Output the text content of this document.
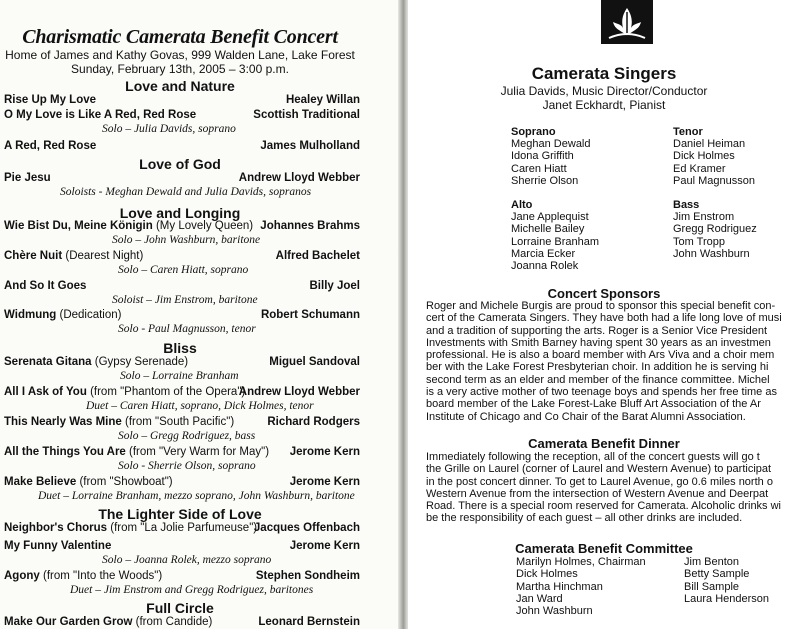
Charismatic Camerata Benefit Concert
Home of James and Kathy Govas, 999 Walden Lane, Lake Forest
Sunday, February 13th, 2005 – 3:00 p.m.
Love and Nature
Rise Up My Love	Healey Willan
O My Love is Like A Red, Red Rose	Scottish Traditional
Solo – Julia Davids, soprano
A Red, Red Rose	James Mulholland
Love of God
Pie Jesu	Andrew Lloyd Webber
Soloists - Meghan Dewald and Julia Davids, sopranos
Love and Longing
Wie Bist Du, Meine Königin (My Lovely Queen) Johannes Brahms
Solo – John Washburn, baritone
Chère Nuit (Dearest Night)	Alfred Bachelet
Solo – Caren Hiatt, soprano
And So It Goes	Billy Joel
Soloist – Jim Enstrom, baritone
Widmung (Dedication)	Robert Schumann
Solo - Paul Magnusson, tenor
Bliss
Serenata Gitana (Gypsy Serenade)	Miguel Sandoval
Solo – Lorraine Branham
All I Ask of You (from "Phantom of the Opera")
Andrew Lloyd Webber
Duet – Caren Hiatt, soprano, Dick Holmes, tenor
This Nearly Was Mine (from "South Pacific")	Richard Rodgers
Solo – Gregg Rodriguez, bass
All the Things You Are (from "Very Warm for May") Jerome Kern
Solo - Sherrie Olson, soprano
Make Believe (from "Showboat")	Jerome Kern
Duet – Lorraine Branham, mezzo soprano, John Washburn, baritone
The Lighter Side of Love
Neighbor's Chorus (from "La Jolie Parfumeuse")
Jacques Offenbach
My Funny Valentine	Jerome Kern
Solo – Joanna Rolek, mezzo soprano
Agony (from "Into the Woods")	Stephen Sondheim
Duet – Jim Enstrom and Gregg Rodriguez, baritones
Full Circle
Make Our Garden Grow (from Candide)	Leonard Bernstein
Camerata Singers
Julia Davids, Music Director/Conductor
Janet Eckhardt, Pianist
Soprano
Meghan Dewald
Idona Griffith
Caren Hiatt
Sherrie Olson
Tenor
Daniel Heiman
Dick Holmes
Ed Kramer
Paul Magnusson
Alto
Jane Applequist
Michelle Bailey
Lorraine Branham
Marcia Ecker
Joanna Rolek
Bass
Jim Enstrom
Gregg Rodriguez
Tom Tropp
John Washburn
Concert Sponsors
Roger and Michele Burgis are proud to sponsor this special benefit con-
cert of the Camerata Singers. They have both had a life long love of musi
and a tradition of supporting the arts. Roger is a Senior Vice President
Investments with Smith Barney having spent 30 years as an investmen
professional. He is also a board member with Ars Viva and a choir mem
ber with the Lake Forest Presbyterian choir. In addition he is serving hi
second term as an elder and member of the finance committee. Michel
is a very active mother of two teenage boys and spends her free time as
board member of the Lake Forest-Lake Bluff Art Association of the Ar
Institute of Chicago and Co Chair of the Barat Alumni Association.
Camerata Benefit Dinner
Immediately following the reception, all of the concert guests will go t
the Grille on Laurel (corner of Laurel and Western Avenue) to participat
in the post concert dinner. To get to Laurel Avenue, go 0.6 miles north o
Western Avenue from the intersection of Western Avenue and Deerpat
Road. There is a special room reserved for Camerata. Alcoholic drinks wi
be the responsibility of each guest – all other drinks are included.
Camerata Benefit Committee
Marilyn Holmes, Chairman
Dick Holmes
Martha Hinchman
Jan Ward
John Washburn
Jim Benton
Betty Sample
Bill Sample
Laura Henderson
